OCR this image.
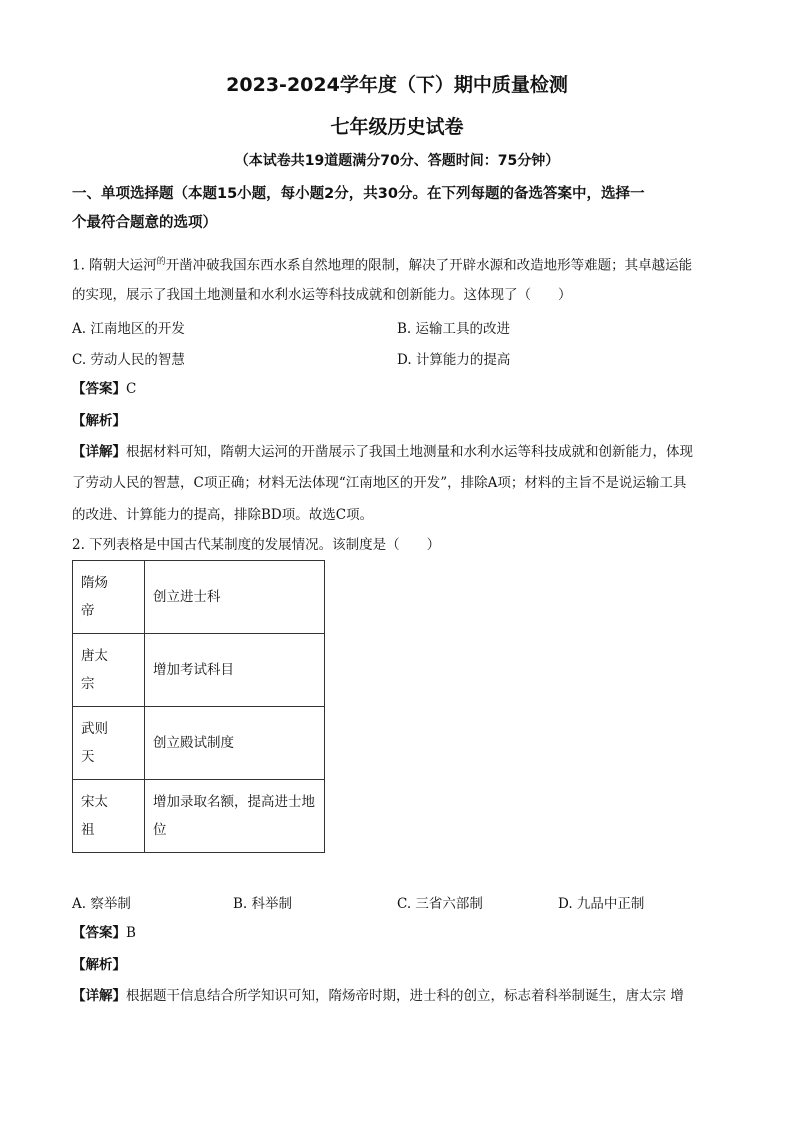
2023-2024学年度（下）期中质量检测
七年级历史试卷
（本试卷共19道题满分70分、答题时间：75分钟）
一、单项选择题（本题15小题，每小题2分，共30分。在下列每题的备选答案中，选择一
个最符合题意的选项）
1. 隋朝大运河$^的$开凿冲破我国东西水系自然地理的限制，解决了开辟水源和改造地形等难题；其卓越运能
的实现，展示了我国土地测量和水利水运等科技成就和创新能力。这体现了（　　）
A. 江南地区的开发	B. 运输工具的改进
C. 劳动人民的智慧	D. 计算能力的提高
【答案】C
【解析】
【详解】根据材料可知，隋朝大运河的开凿展示了我国土地测量和水利水运等科技成就和创新能力，体现
了劳动人民的智慧，C项正确；材料无法体现“江南地区的开发”，排除A项；材料的主旨不是说运输工具
的改进、计算能力的提高，排除BD项。故选C项。
2. 下列表格是中国古代某制度的发展情况。该制度是（　　）
隋炀
帝	创立进士科
唐太
宗	增加考试科目
武则
天	创立殿试制度
宋太
祖	增加录取名额，提高进士地
位
A. 察举制	B. 科举制	C. 三省六部制	D. 九品中正制
【答案】B
【解析】
【详解】根据题干信息结合所学知识可知，隋炀帝时期，进士科的创立，标志着科举制诞生，唐太宗 增
